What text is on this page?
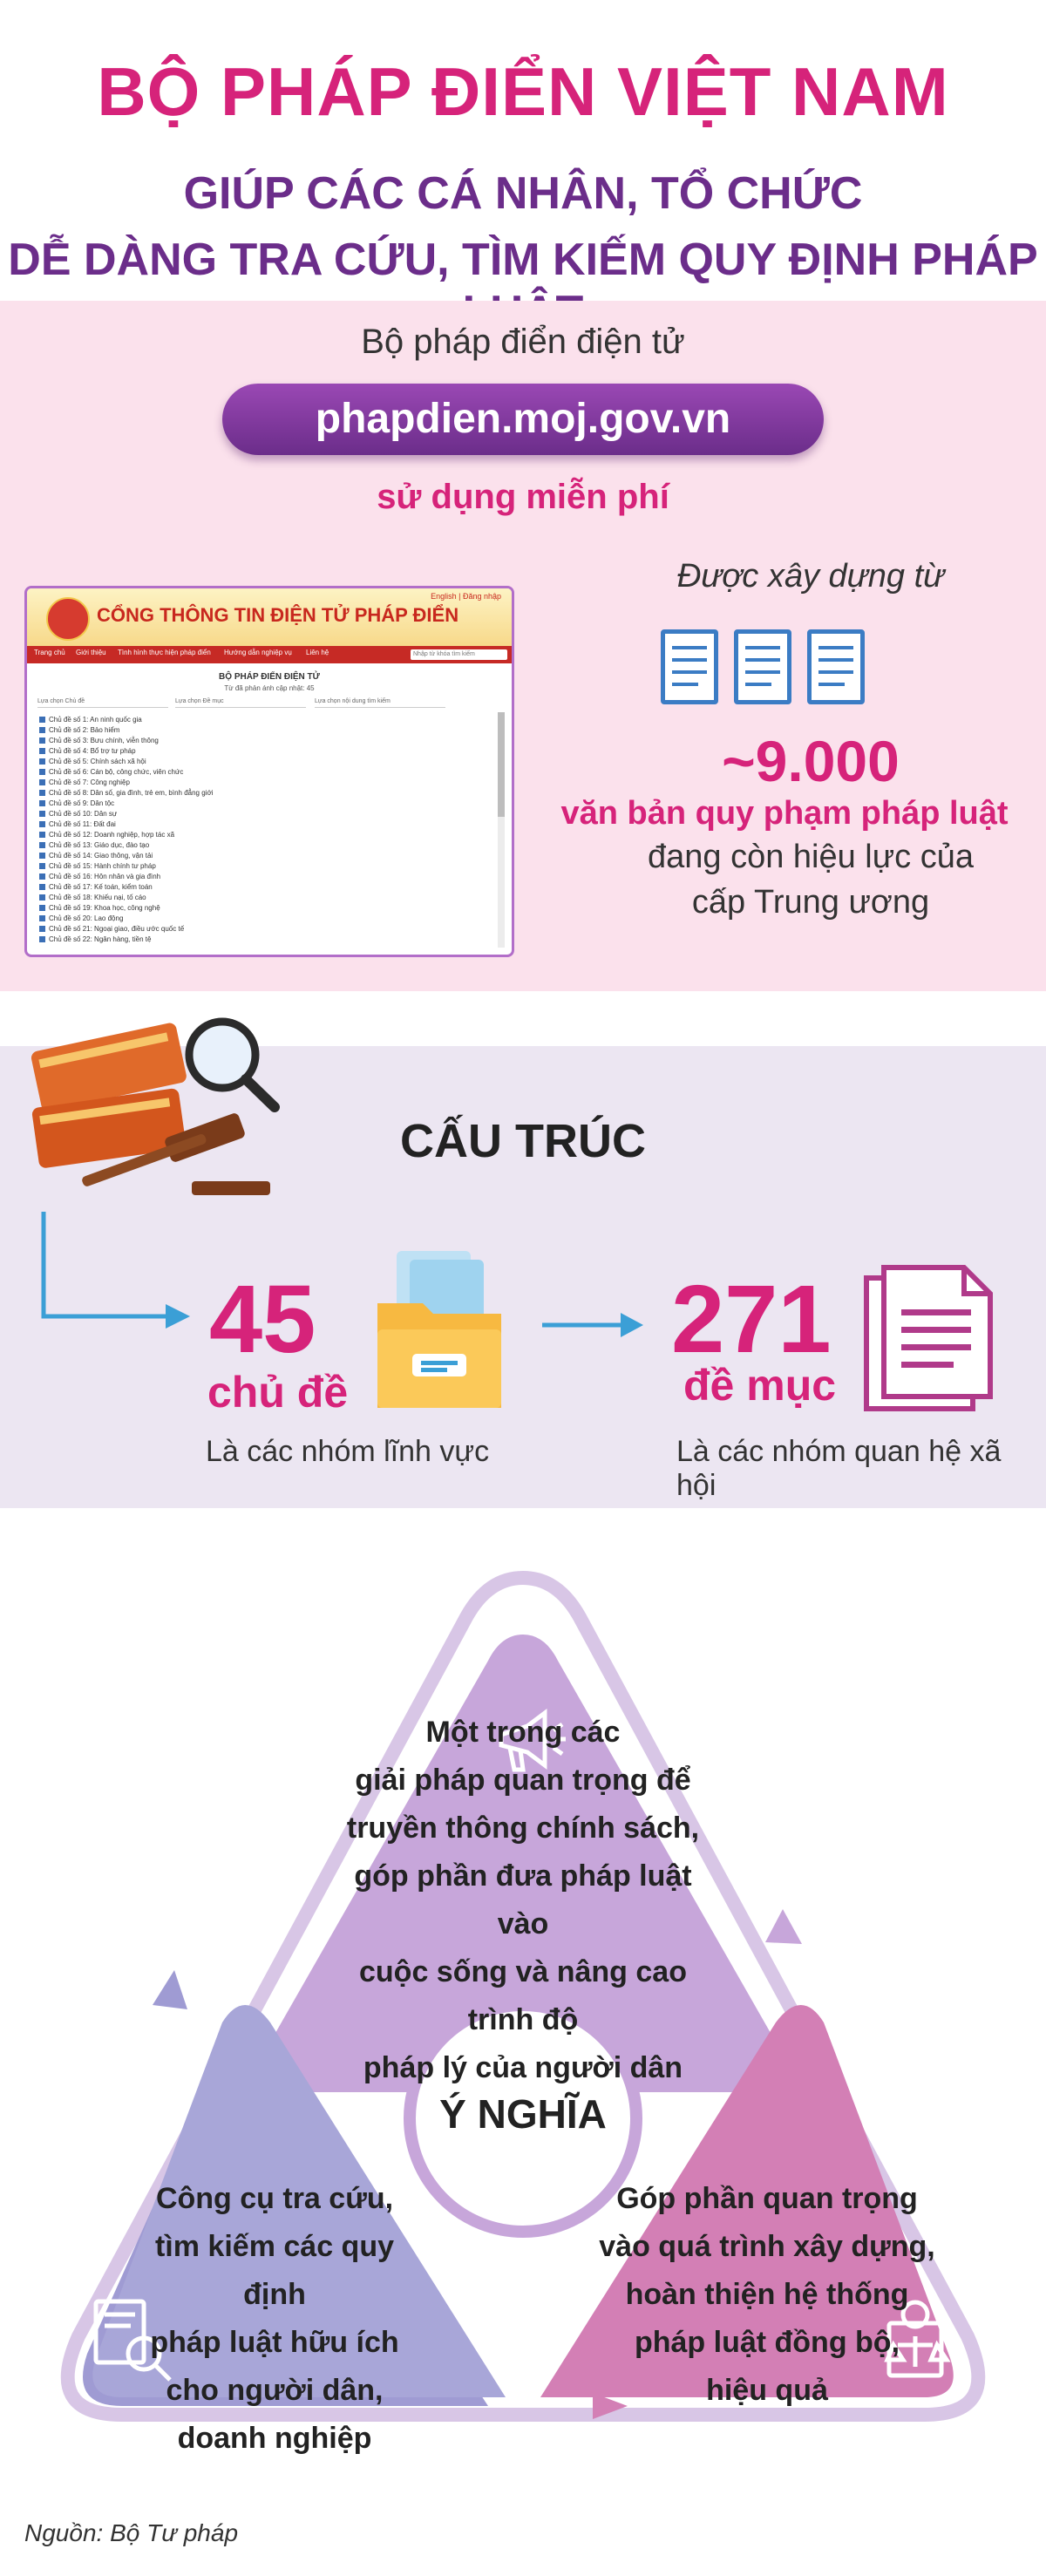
BỘ PHÁP ĐIỂN VIỆT NAM
GIÚP CÁC CÁ NHÂN, TỔ CHỨC
DỄ DÀNG TRA CỨU, TÌM KIẾM QUY ĐỊNH PHÁP
Bộ pháp điển điện tử
phapdien.moj.gov.vn
sử dụng miễn phí
CỔNG THÔNG TIN ĐIỆN TỬ PHÁP ĐIỂN
English | Đăng nhập
Trang chủ Giới thiệu Tình hình thực hiện pháp điển Hướng dẫn nghiệp vụ Liên hệ	Nhập từ khóa tìm kiếm
BỘ PHÁP ĐIỂN ĐIỆN TỬ
Từ đã phản ánh cập nhật: 45
Lựa chọn Chủ đề	Lựa chọn Đề mục	Lựa chọn nội dung tìm kiếm
Chủ đề số 1: An ninh quốc gia
Chủ đề số 2: Bảo hiểm
Chủ đề số 3: Bưu chính, viễn thông
Chủ đề số 4: Bổ trợ tư pháp
Chủ đề số 5: Chính sách xã hội
Chủ đề số 6: Cán bộ, công chức, viên chức
Chủ đề số 7: Công nghiệp
Chủ đề số 8: Dân số, gia đình, trẻ em, bình đẳng giới
Chủ đề số 9: Dân tộc
Chủ đề số 10: Dân sự
Chủ đề số 11: Đất đai
Chủ đề số 12: Doanh nghiệp, hợp tác xã
Chủ đề số 13: Giáo dục, đào tạo
Chủ đề số 14: Giao thông, vận tải
Chủ đề số 15: Hành chính tư pháp
Chủ đề số 16: Hôn nhân và gia đình
Chủ đề số 17: Kế toán, kiểm toán
Chủ đề số 18: Khiếu nại, tố cáo
Chủ đề số 19: Khoa học, công nghệ
Chủ đề số 20: Lao động
Chủ đề số 21: Ngoại giao, điều ước quốc tế
Chủ đề số 22: Ngân hàng, tiền tệ
Được xây dựng từ
~9.000
văn bản quy phạm pháp luật
đang còn hiệu lực của
cấp Trung ương
CẤU TRÚC
45
chủ đề
Là các nhóm lĩnh vực
271
đề mục
Là các nhóm quan hệ xã hội
Một trong các
giải pháp quan trọng để
truyền thông chính sách,
góp phần đưa pháp luật vào
cuộc sống và nâng cao trình độ
pháp lý của người dân
Ý NGHĨA
Công cụ tra cứu,
tìm kiếm các quy định
pháp luật hữu ích
cho người dân,
doanh nghiệp
Góp phần quan trọng
vào quá trình xây dựng,
hoàn thiện hệ thống
pháp luật đồng bộ,
hiệu quả
Nguồn: Bộ Tư pháp
